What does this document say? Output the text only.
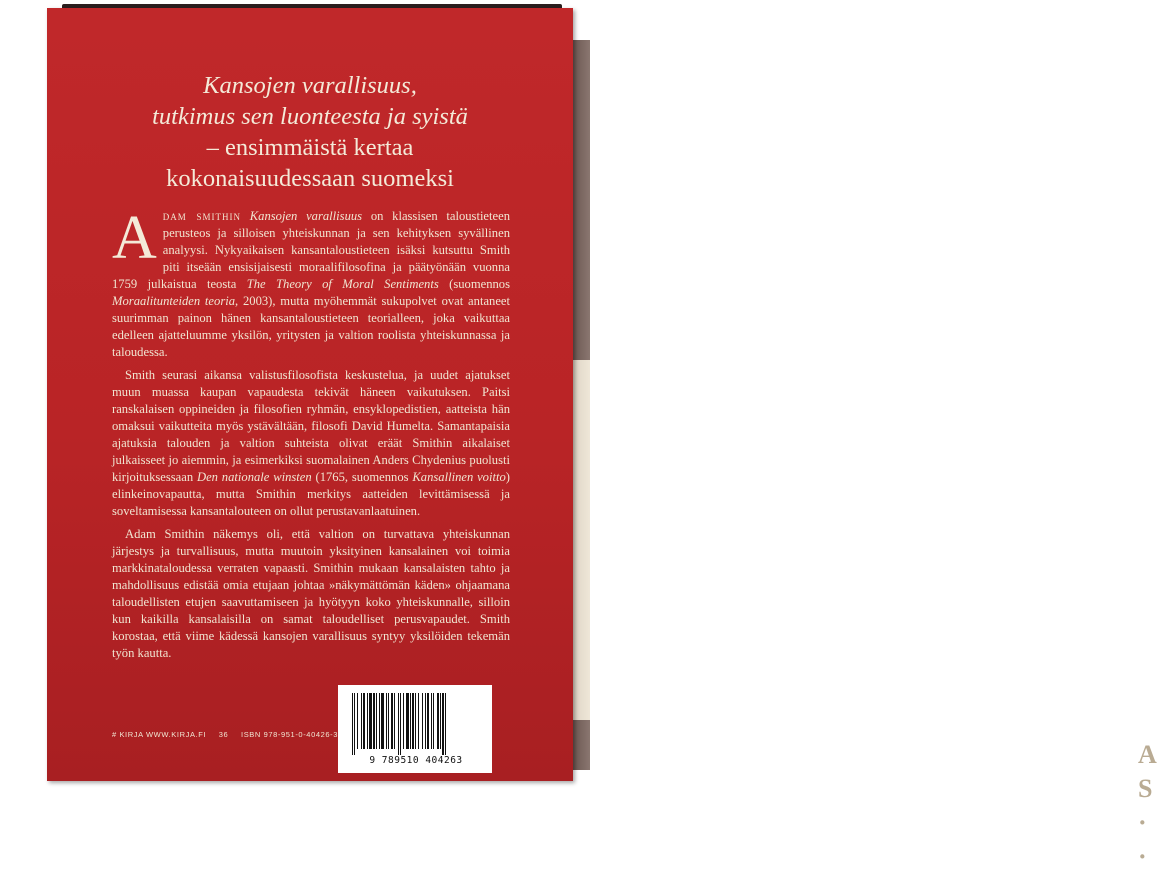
A
S
·
·
Kansojen varallisuus,
tutkimus sen luonteesta ja syistä
– ensimmäistä kertaa
kokonaisuudessaan suomeksi

Adam smithin Kansojen varallisuus on klassisen taloustieteen perusteos ja silloisen yhteiskunnan ja sen kehityksen syvällinen analyysi. Nykyaikaisen kansantaloustieteen isäksi kutsuttu Smith piti itseään ensisijaisesti moraalifilosofina ja päätyönään vuonna 1759 julkaistua teosta The Theory of Moral Sentiments (suomennos Moraalitunteiden teoria, 2003), mutta myöhemmät sukupolvet ovat antaneet suurimman painon hänen kansantaloustieteen teorialleen, joka vaikuttaa edelleen ajatteluumme yksilön, yritysten ja valtion roolista yhteiskunnassa ja taloudessa.

Smith seurasi aikansa valistusfilosofista keskustelua, ja uudet ajatukset muun muassa kaupan vapaudesta tekivät häneen vaikutuksen. Paitsi ranskalaisen oppineiden ja filosofien ryhmän, ensyklopedistien, aatteista hän omaksui vaikutteita myös ystävältään, filosofi David Humelta. Samantapaisia ajatuksia talouden ja valtion suhteista olivat eräät Smithin aikalaiset julkaisseet jo aiemmin, ja esimerkiksi suomalainen Anders Chydenius puolusti kirjoituksessaan Den nationale winsten (1765, suomennos Kansallinen voitto) elinkeinovapautta, mutta Smithin merkitys aatteiden levittämisessä ja soveltamisessa kansantalouteen on ollut perustavanlaatuinen.

Adam Smithin näkemys oli, että valtion on turvattava yhteiskunnan järjestys ja turvallisuus, mutta muutoin yksityinen kansalainen voi toimia markkinataloudessa verraten vapaasti. Smithin mukaan kansalaisten tahto ja mahdollisuus edistää omia etujaan johtaa »näkymättömän käden» ohjaamana taloudellisten etujen saavuttamiseen ja hyötyyn koko yhteiskunnalle, silloin kun kaikilla kansalaisilla on samat taloudelliset perusvapaudet. Smith korostaa, että viime kädessä kansojen varallisuus syntyy yksilöiden tekemän työn kautta.

# KIRJA WWW.KIRJA.FI 36 ISBN 978-951-0-40426-3
9 789510 404263
